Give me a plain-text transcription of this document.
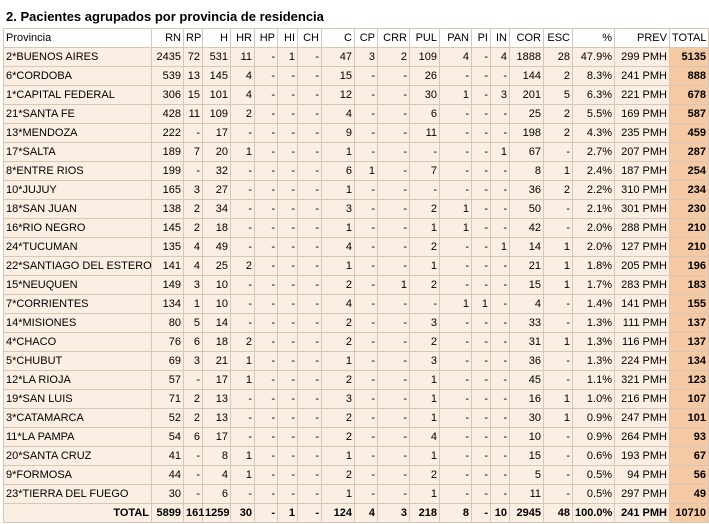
2. Pacientes agrupados por provincia de residencia
Provincia	RN	RP	H	HR	HP	HI	CH	C	CP	CRR	PUL	PAN	PI	IN	COR	ESC	%	PREV	TOTAL
2*BUENOS AIRES	2435	72	531	11	-	1	-	47	3	2	109	4	-	4	1888	28	47.9%	299 PMH	5135
6*CORDOBA	539	13	145	4	-	-	-	15	-	-	26	-	-	-	144	2	8.3%	241 PMH	888
1*CAPITAL FEDERAL	306	15	101	4	-	-	-	12	-	-	30	1	-	3	201	5	6.3%	221 PMH	678
21*SANTA FE	428	11	109	2	-	-	-	4	-	-	6	-	-	-	25	2	5.5%	169 PMH	587
13*MENDOZA	222	-	17	-	-	-	-	9	-	-	11	-	-	-	198	2	4.3%	235 PMH	459
17*SALTA	189	7	20	1	-	-	-	1	-	-	-	-	-	1	67	-	2.7%	207 PMH	287
8*ENTRE RIOS	199	-	32	-	-	-	-	6	1	-	7	-	-	-	8	1	2.4%	187 PMH	254
10*JUJUY	165	3	27	-	-	-	-	1	-	-	-	-	-	-	36	2	2.2%	310 PMH	234
18*SAN JUAN	138	2	34	-	-	-	-	3	-	-	2	1	-	-	50	-	2.1%	301 PMH	230
16*RIO NEGRO	145	2	18	-	-	-	-	1	-	-	1	1	-	-	42	-	2.0%	288 PMH	210
24*TUCUMAN	135	4	49	-	-	-	-	4	-	-	2	-	-	1	14	1	2.0%	127 PMH	210
22*SANTIAGO DEL ESTERO	141	4	25	2	-	-	-	1	-	-	1	-	-	-	21	1	1.8%	205 PMH	196
15*NEUQUEN	149	3	10	-	-	-	-	2	-	1	2	-	-	-	15	1	1.7%	283 PMH	183
7*CORRIENTES	134	1	10	-	-	-	-	4	-	-	-	1	1	-	4	-	1.4%	141 PMH	155
14*MISIONES	80	5	14	-	-	-	-	2	-	-	3	-	-	-	33	-	1.3%	111 PMH	137
4*CHACO	76	6	18	2	-	-	-	2	-	-	2	-	-	-	31	1	1.3%	116 PMH	137
5*CHUBUT	69	3	21	1	-	-	-	1	-	-	3	-	-	-	36	-	1.3%	224 PMH	134
12*LA RIOJA	57	-	17	1	-	-	-	2	-	-	1	-	-	-	45	-	1.1%	321 PMH	123
19*SAN LUIS	71	2	13	-	-	-	-	3	-	-	1	-	-	-	16	1	1.0%	216 PMH	107
3*CATAMARCA	52	2	13	-	-	-	-	2	-	-	1	-	-	-	30	1	0.9%	247 PMH	101
11*LA PAMPA	54	6	17	-	-	-	-	2	-	-	4	-	-	-	10	-	0.9%	264 PMH	93
20*SANTA CRUZ	41	-	8	1	-	-	-	1	-	-	1	-	-	-	15	-	0.6%	193 PMH	67
9*FORMOSA	44	-	4	1	-	-	-	2	-	-	2	-	-	-	5	-	0.5%	94 PMH	56
23*TIERRA DEL FUEGO	30	-	6	-	-	-	-	1	-	-	1	-	-	-	11	-	0.5%	297 PMH	49
TOTAL	5899	161	1259	30	-	1	-	124	4	3	218	8	-	10	2945	48	100.0%	241 PMH	10710
